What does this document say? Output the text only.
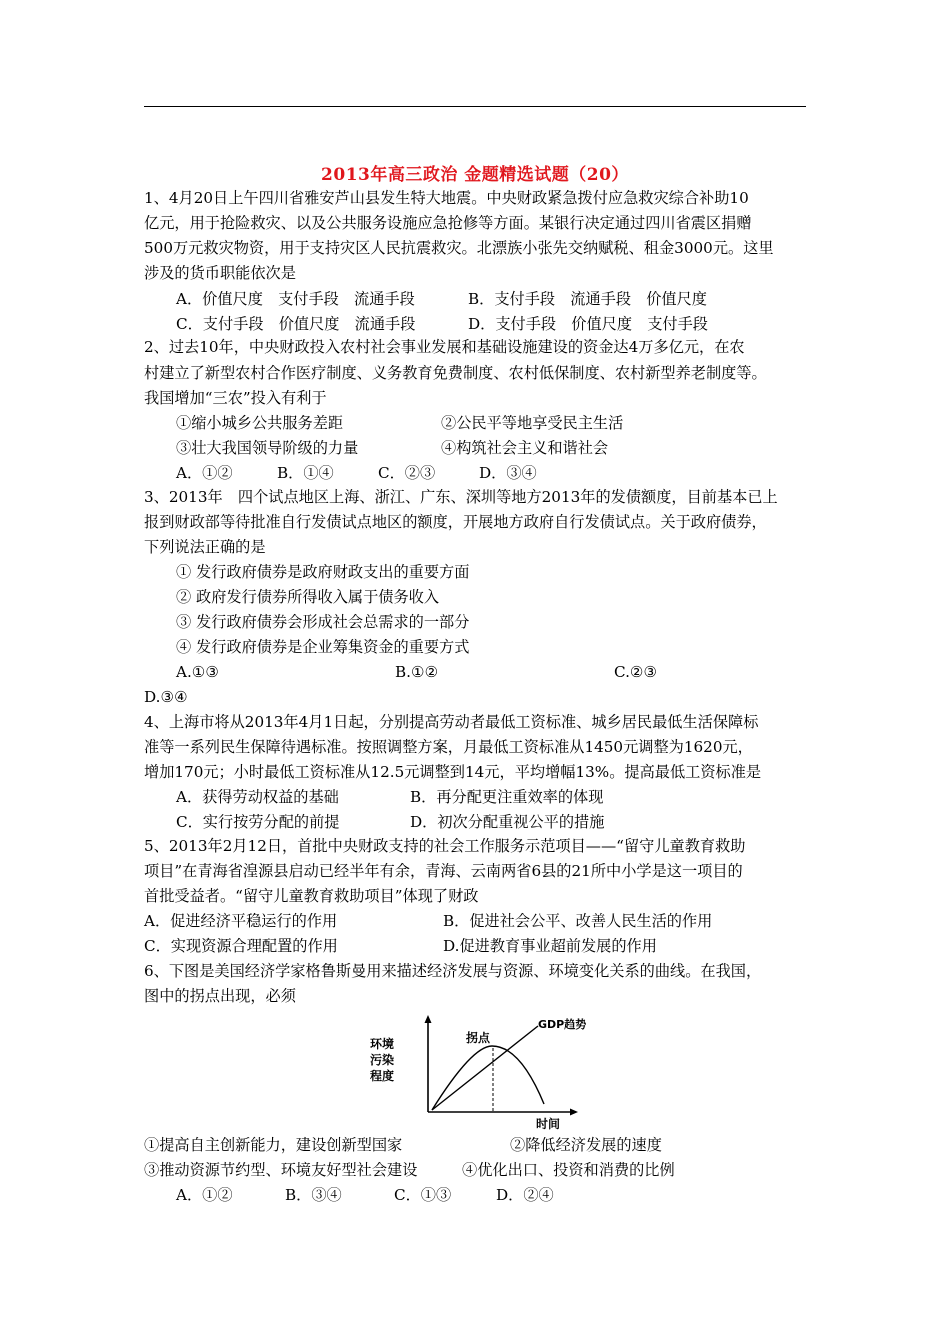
2013年高三政治 金题精选试题（20）
1、4月20日上午四川省雅安芦山县发生特大地震。中央财政紧急拨付应急救灾综合补助10
亿元，用于抢险救灾、以及公共服务设施应急抢修等方面。某银行决定通过四川省震区捐赠
500万元救灾物资，用于支持灾区人民抗震救灾。北漂族小张先交纳赋税、租金3000元。这里
涉及的货币职能依次是
A．价值尺度　支付手段　流通手段	B．支付手段　流通手段　价值尺度
C．支付手段　价值尺度　流通手段	D．支付手段　价值尺度　支付手段
2、过去10年，中央财政投入农村社会事业发展和基础设施建设的资金达4万多亿元，在农
村建立了新型农村合作医疗制度、义务教育免费制度、农村低保制度、农村新型养老制度等。
我国增加“三农”投入有利于
①缩小城乡公共服务差距	②公民平等地享受民主生活
③壮大我国领导阶级的力量	④构筑社会主义和谐社会
A．①②	B．①④	C．②③	D．③④
3、2013年　四个试点地区上海、浙江、广东、深圳等地方2013年的发债额度，目前基本已上
报到财政部等待批准自行发债试点地区的额度，开展地方政府自行发债试点。关于政府债券，
下列说法正确的是
① 发行政府债券是政府财政支出的重要方面
② 政府发行债券所得收入属于债务收入
③ 发行政府债券会形成社会总需求的一部分
④ 发行政府债券是企业筹集资金的重要方式
A.①③	B.①②	C.②③
D.③④
4、上海市将从2013年4月1日起，分别提高劳动者最低工资标准、城乡居民最低生活保障标
准等一系列民生保障待遇标准。按照调整方案，月最低工资标准从1450元调整为1620元，
增加170元；小时最低工资标准从12.5元调整到14元，平均增幅13%。提高最低工资标准是
A．获得劳动权益的基础	B．再分配更注重效率的体现
C．实行按劳分配的前提	D．初次分配重视公平的措施
5、2013年2月12日，首批中央财政支持的社会工作服务示范项目——“留守儿童教育救助
项目”在青海省湟源县启动已经半年有余，青海、云南两省6县的21所中小学是这一项目的
首批受益者。“留守儿童教育救助项目”体现了财政
A．促进经济平稳运行的作用	B．促进社会公平、改善人民生活的作用
C．实现资源合理配置的作用	D.促进教育事业超前发展的作用
6、下图是美国经济学家格鲁斯曼用来描述经济发展与资源、环境变化关系的曲线。在我国，
图中的拐点出现，必须
环境
污染
程度
拐点
GDP趋势
时间
①提高自主创新能力，建设创新型国家	②降低经济发展的速度
③推动资源节约型、环境友好型社会建设	④优化出口、投资和消费的比例
A．①②	B．③④	C．①③	D．②④
